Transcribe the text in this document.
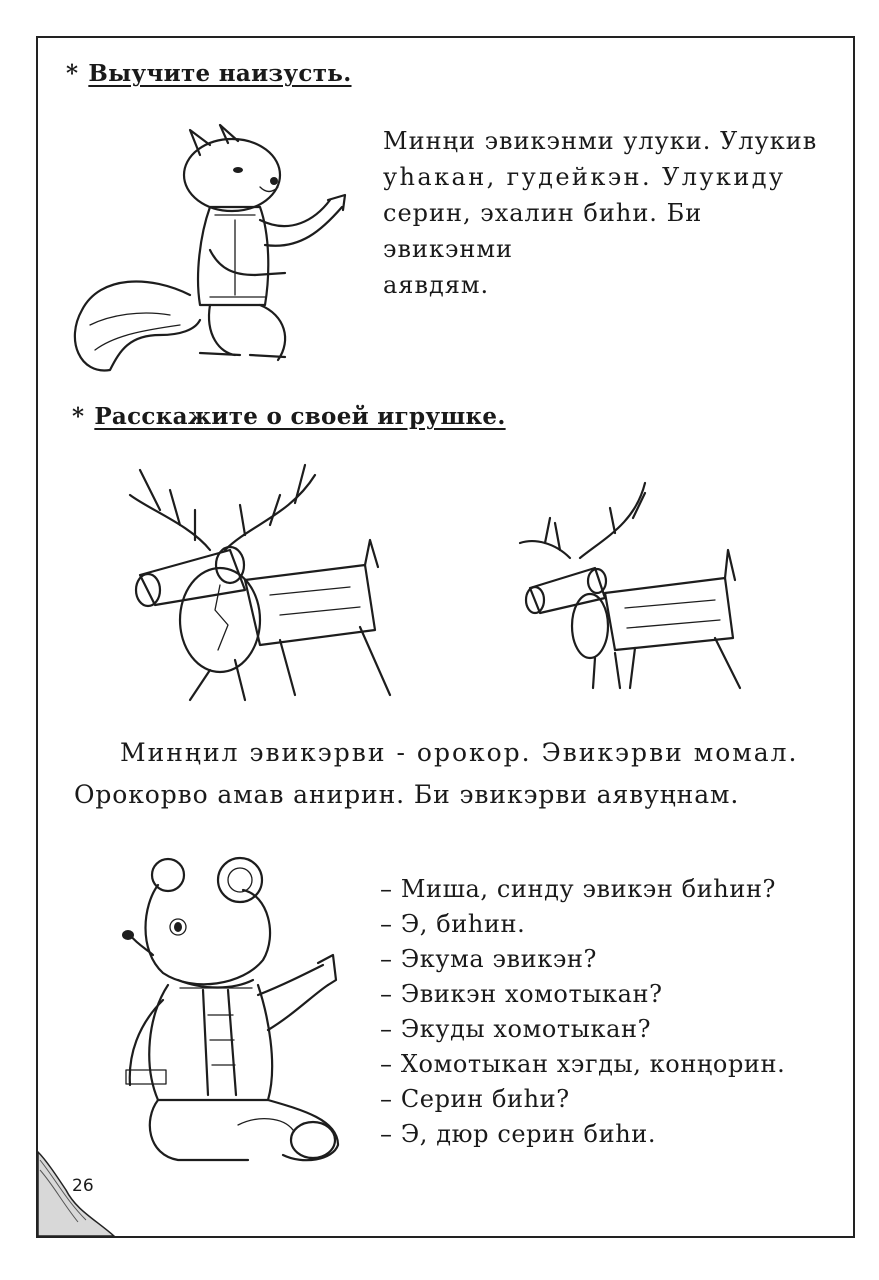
* Выучите наизусть.

Минңи эвикэнми улуки. Улукив

уһакан, гудейкэн. Улукиду

серин, эхалин биһи. Би эвикэнми

аявдям.

* Расскажите о своей игрушке.

Минңил эвикэрви - орокор. Эвикэрви момал.

Орокорво амав анирин. Би эвикэрви аявуңнам.

– Миша, синду эвикэн биһин?
– Э, биһин.
– Экума эвикэн?
– Эвикэн хомотыкан?
– Экуды хомотыкан?
– Хомотыкан хэгды, конңорин.
– Серин биһи?
– Э, дюр серин биһи.
26
